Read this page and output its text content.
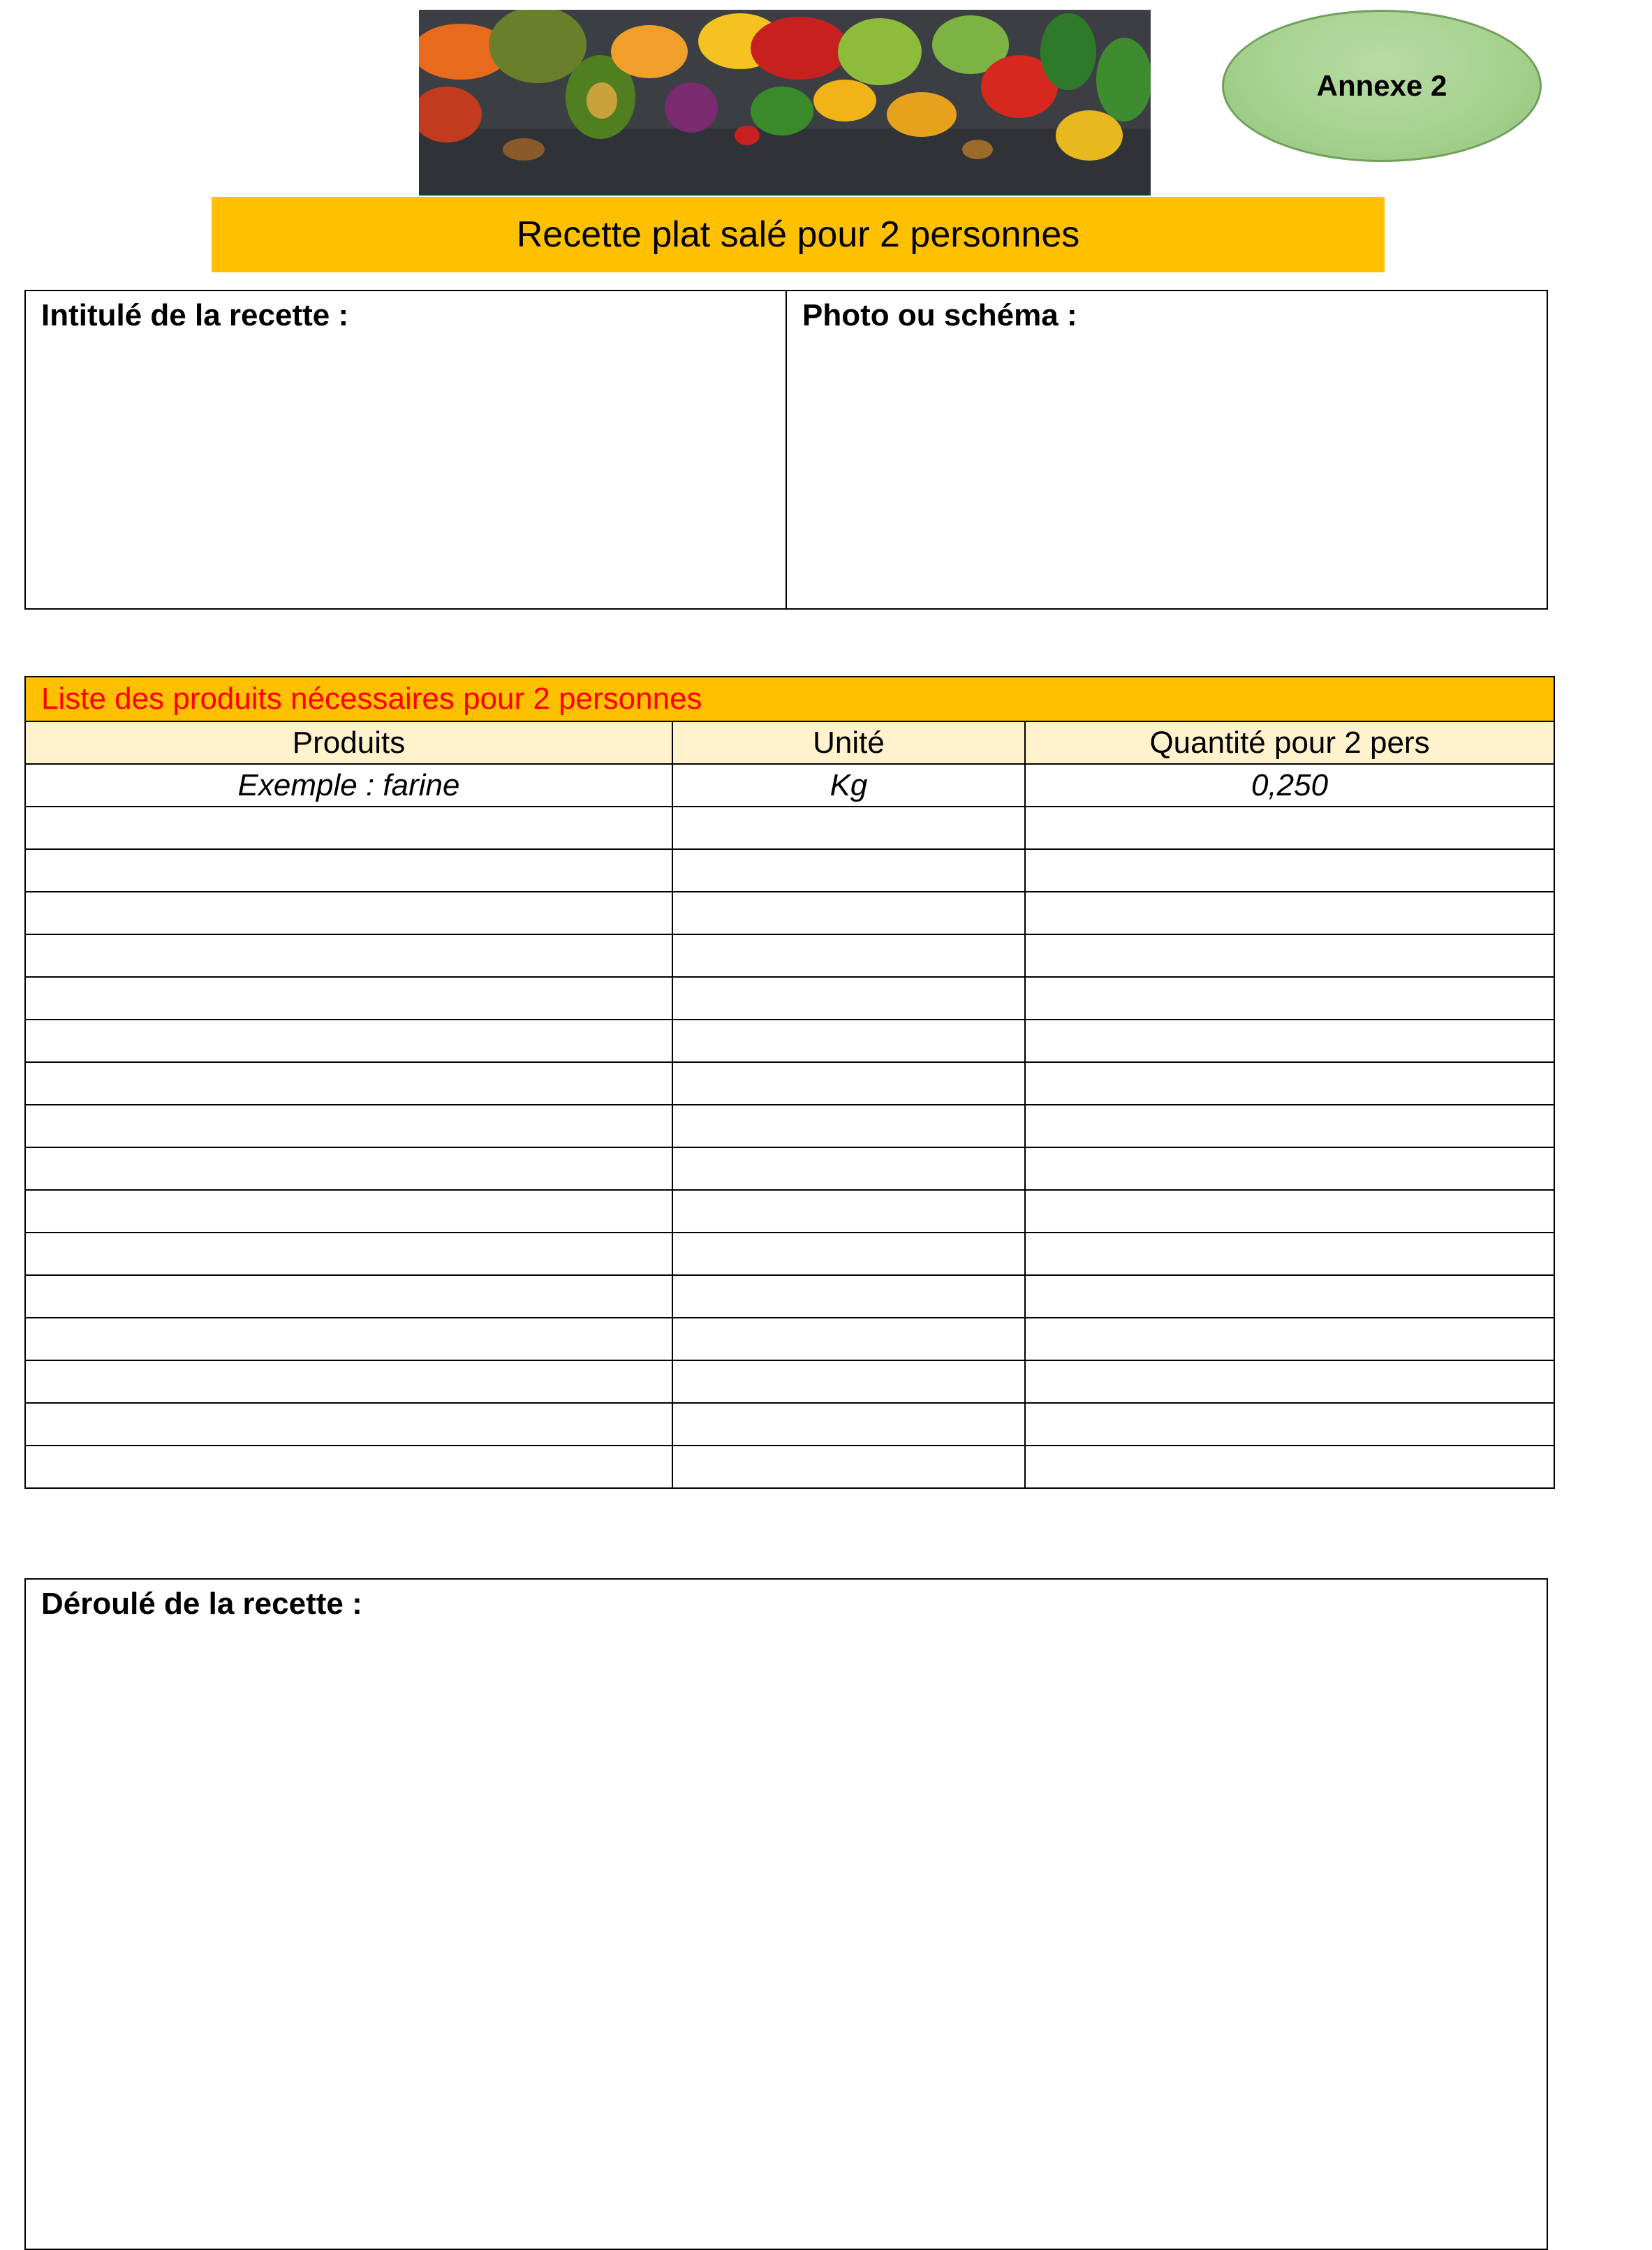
Annexe 2
Recette plat salé pour 2 personnes
Intitulé de la recette :	Photo ou schéma :
Liste des produits nécessaires pour 2 personnes		
Produits	Unité	Quantité pour 2 pers
Exemple : farine	Kg	0,250

Déroulé de la recette :
